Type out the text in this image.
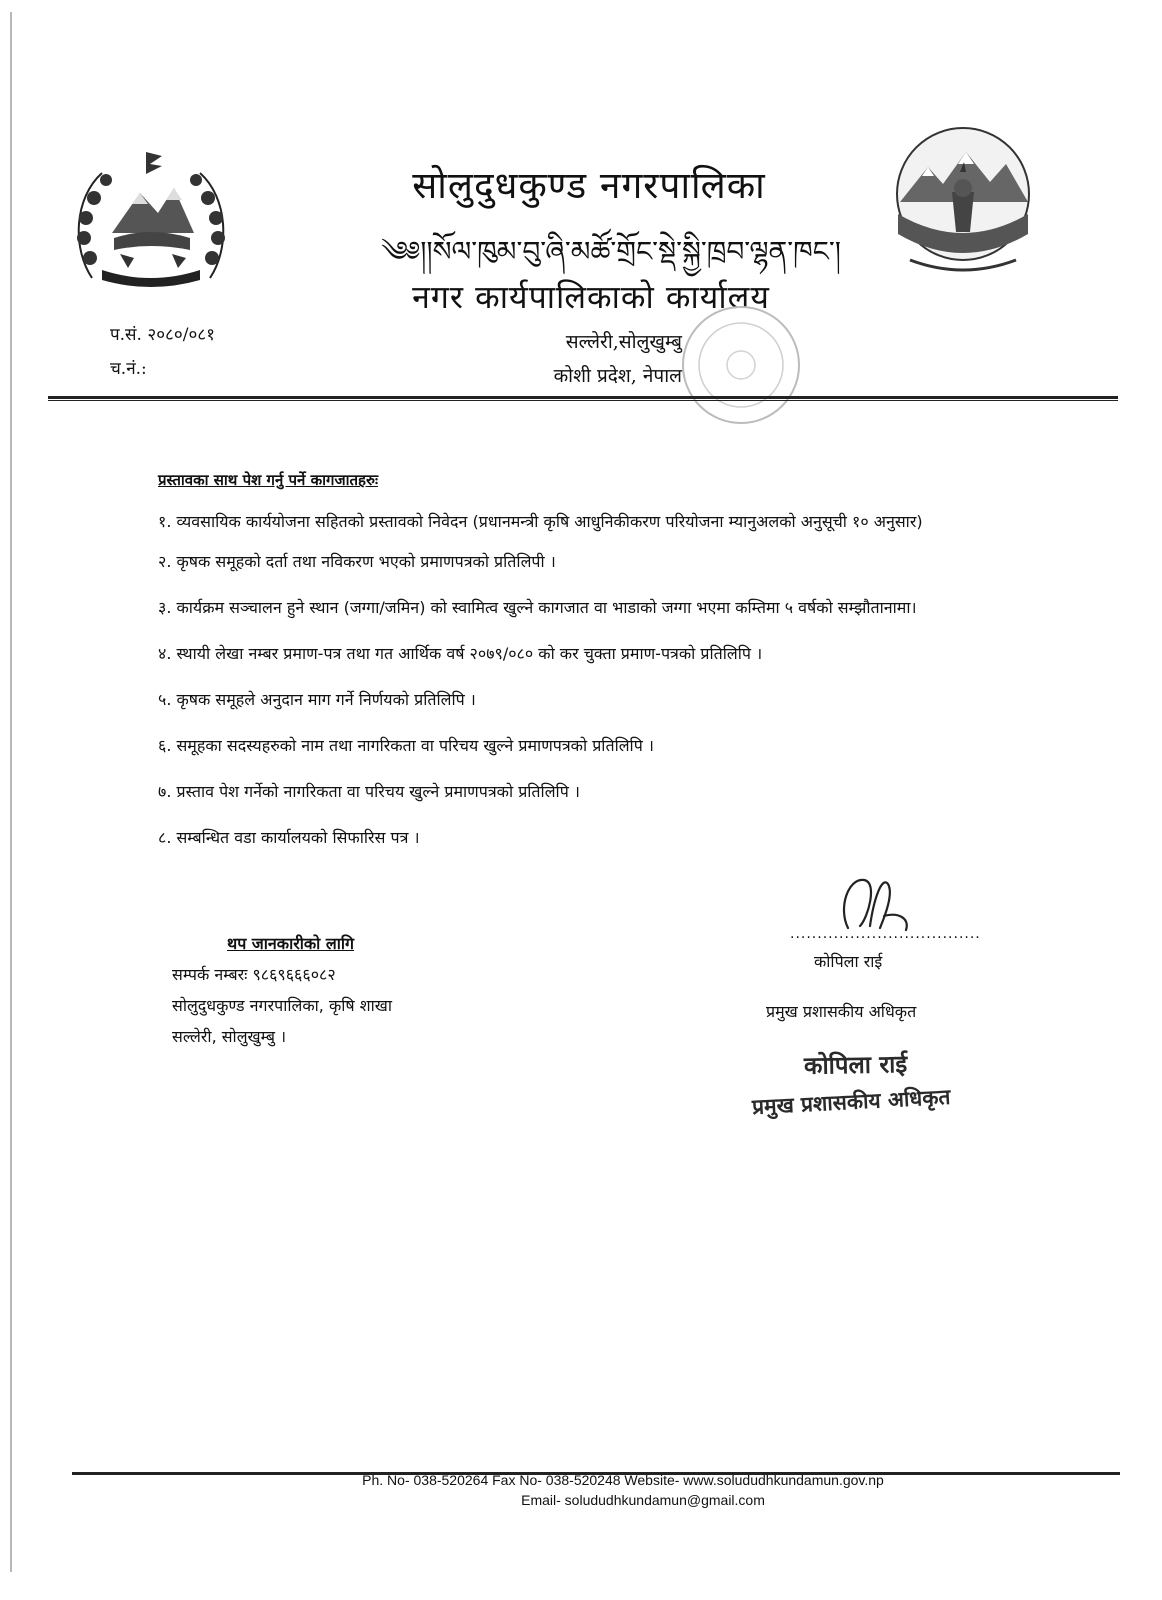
सोलुदुधकुण्ड नगरपालिका
༄༅།།སོལ་ཁུམ་བུ་ཞི་མཚོ་གྲོང་སྡེ་སྐྱི་ཁྲབ་ལྷན་ཁང་།
नगर कार्यपालिकाको कार्यालय
प.सं. २०८०/०८१
च.नं.:
सल्लेरी,सोलुखुम्बु
कोशी प्रदेश, नेपाल
प्रस्तावका साथ पेश गर्नु पर्ने कागजातहरुः
१. व्यवसायिक कार्ययोजना सहितको प्रस्तावको निवेदन (प्रधानमन्त्री कृषि आधुनिकीकरण परियोजना म्यानुअलको अनुसूची १० अनुसार)
२. कृषक समूहको दर्ता तथा नविकरण भएको प्रमाणपत्रको प्रतिलिपी ।
३. कार्यक्रम सञ्चालन हुने स्थान (जग्गा/जमिन) को स्वामित्व खुल्ने कागजात वा भाडाको जग्गा भएमा कम्तिमा ५ वर्षको सम्झौतानामा।
४. स्थायी लेखा नम्बर प्रमाण-पत्र तथा गत आर्थिक वर्ष २०७९/०८० को कर चुक्ता प्रमाण-पत्रको प्रतिलिपि ।
५. कृषक समूहले अनुदान माग गर्ने निर्णयको प्रतिलिपि ।
६. समूहका सदस्यहरुको नाम तथा नागरिकता वा परिचय खुल्ने प्रमाणपत्रको प्रतिलिपि ।
७. प्रस्ताव पेश गर्नेको नागरिकता वा परिचय खुल्ने प्रमाणपत्रको प्रतिलिपि ।
८. सम्बन्धित वडा कार्यालयको सिफारिस पत्र ।
थप जानकारीको लागि
सम्पर्क नम्बरः ९८६९६६६०८२
सोलुदुधकुण्ड नगरपालिका, कृषि शाखा
सल्लेरी, सोलुखुम्बु ।
...................................
कोपिला राई
प्रमुख प्रशासकीय अधिकृत
कोपिला राई
प्रमुख प्रशासकीय अधिकृत
Ph. No- 038-520264 Fax No- 038-520248 Website- www.solududhkundamun.gov.np
Email- solududhkundamun@gmail.com
